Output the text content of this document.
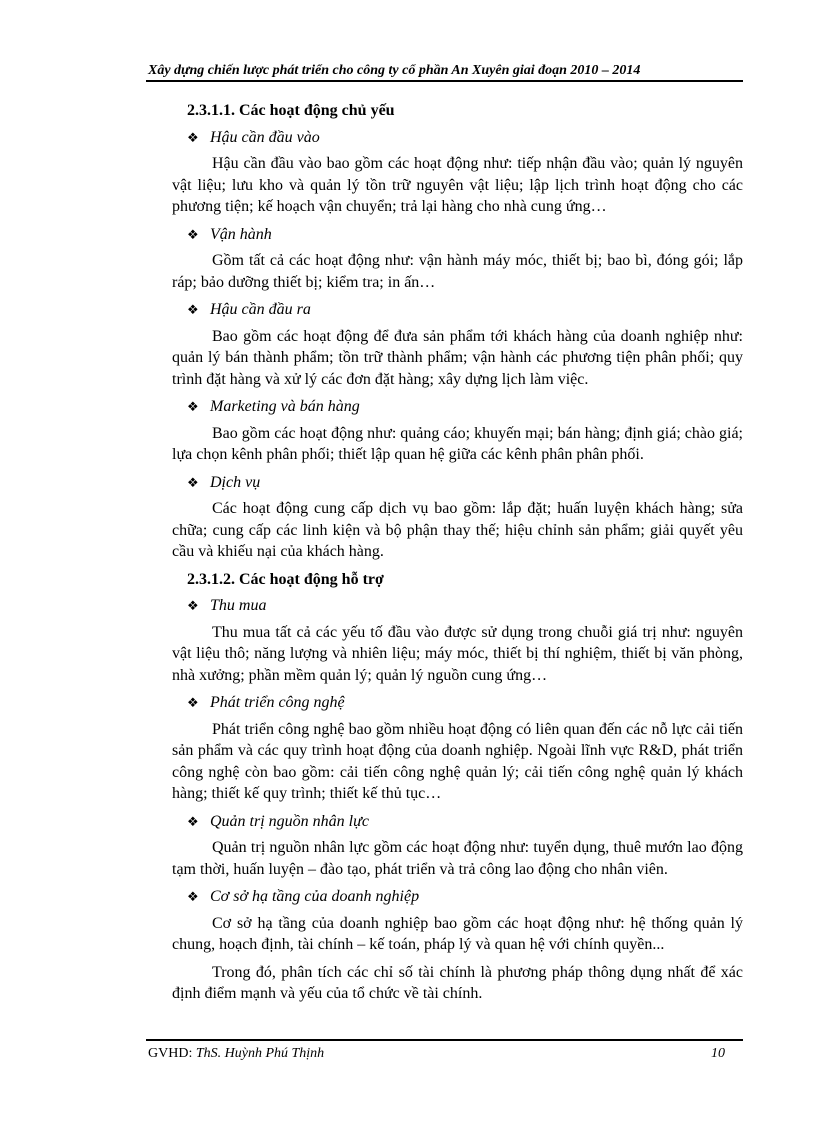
Xây dựng chiến lược phát triển cho công ty cổ phần An Xuyên giai đoạn 2010 – 2014
2.3.1.1. Các hoạt động chủ yếu
❖ Hậu cần đầu vào

Hậu cần đầu vào bao gồm các hoạt động như: tiếp nhận đầu vào; quản lý nguyên vật liệu; lưu kho và quản lý tồn trữ nguyên vật liệu; lập lịch trình hoạt động cho các phương tiện; kế hoạch vận chuyển; trả lại hàng cho nhà cung ứng…

❖ Vận hành

Gồm tất cả các hoạt động như: vận hành máy móc, thiết bị; bao bì, đóng gói; lắp ráp; bảo dưỡng thiết bị; kiểm tra; in ấn…

❖ Hậu cần đầu ra

Bao gồm các hoạt động để đưa sản phẩm tới khách hàng của doanh nghiệp như: quản lý bán thành phẩm; tồn trữ thành phẩm; vận hành các phương tiện phân phối; quy trình đặt hàng và xử lý các đơn đặt hàng; xây dựng lịch làm việc.

❖ Marketing và bán hàng

Bao gồm các hoạt động như: quảng cáo; khuyến mại; bán hàng; định giá; chào giá; lựa chọn kênh phân phối; thiết lập quan hệ giữa các kênh phân phân phối.

❖ Dịch vụ

Các hoạt động cung cấp dịch vụ bao gồm: lắp đặt; huấn luyện khách hàng; sửa chữa; cung cấp các linh kiện và bộ phận thay thế; hiệu chỉnh sản phẩm; giải quyết yêu cầu và khiếu nại của khách hàng.

2.3.1.2. Các hoạt động hỗ trợ
❖ Thu mua

Thu mua tất cả các yếu tố đầu vào được sử dụng trong chuỗi giá trị như: nguyên vật liệu thô; năng lượng và nhiên liệu; máy móc, thiết bị thí nghiệm, thiết bị văn phòng, nhà xưởng; phần mềm quản lý; quản lý nguồn cung ứng…

❖ Phát triển công nghệ

Phát triển công nghệ bao gồm nhiều hoạt động có liên quan đến các nỗ lực cải tiến sản phẩm và các quy trình hoạt động của doanh nghiệp. Ngoài lĩnh vực R&D, phát triển công nghệ còn bao gồm: cải tiến công nghệ quản lý; cải tiến công nghệ quản lý khách hàng; thiết kế quy trình; thiết kế thủ tục…

❖ Quản trị nguồn nhân lực

Quản trị nguồn nhân lực gồm các hoạt động như: tuyển dụng, thuê mướn lao động tạm thời, huấn luyện – đào tạo, phát triển và trả công lao động cho nhân viên.

❖ Cơ sở hạ tầng của doanh nghiệp

Cơ sở hạ tầng của doanh nghiệp bao gồm các hoạt động như: hệ thống quản lý chung, hoạch định, tài chính – kế toán, pháp lý và quan hệ với chính quyền...

Trong đó, phân tích các chỉ số tài chính là phương pháp thông dụng nhất để xác định điểm mạnh và yếu của tổ chức về tài chính.

GVHD: ThS. Huỳnh Phú Thịnh	10
